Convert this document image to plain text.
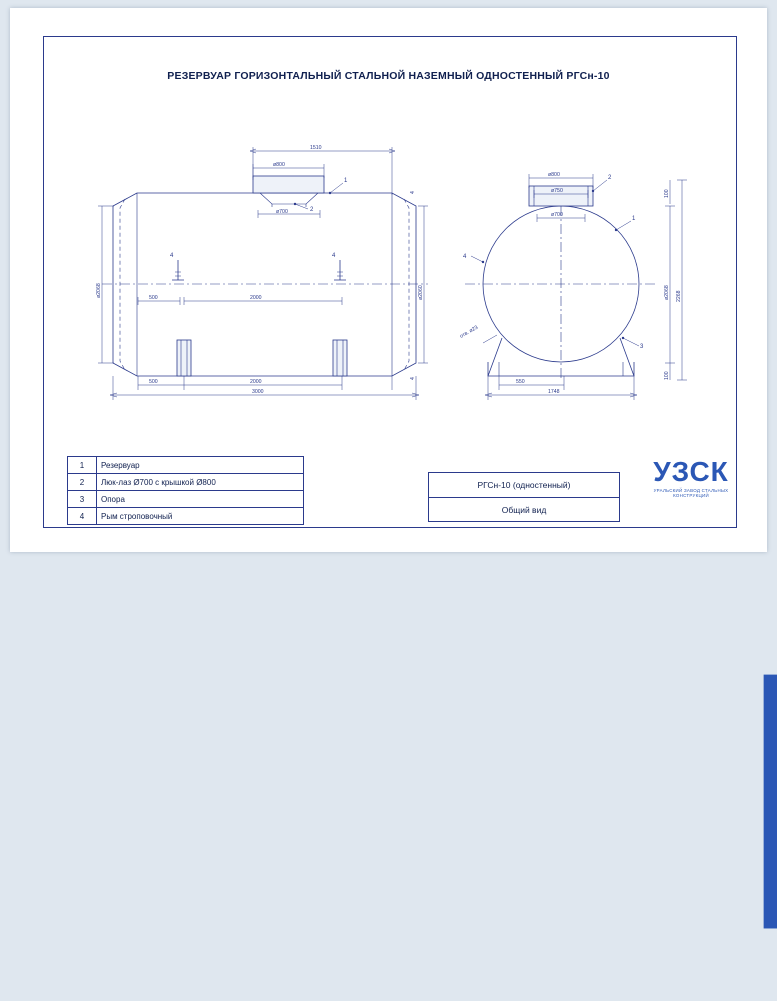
РЕЗЕРВУАР ГОРИЗОНТАЛЬНЫЙ СТАЛЬНОЙ НАЗЕМНЫЙ ОДНОСТЕННЫЙ РГСн-10
ø800
ø700
1510
ø2068	ø2060
4
4
4	4
500	2000
500	2000
3000
1
2
ø800
ø750
ø700
ø2068 2268
100
100
550
1748
1
2
3
4
отв. ø23
1	Резервуар
2	Люк-лаз Ø700 с крышкой Ø800
3	Опора
4	Рым строповочный
РГСн-10 (одностенный)
Общий вид
УЗСК
УРАЛЬСКИЙ ЗАВОД СТАЛЬНЫХ КОНСТРУКЦИЙ
